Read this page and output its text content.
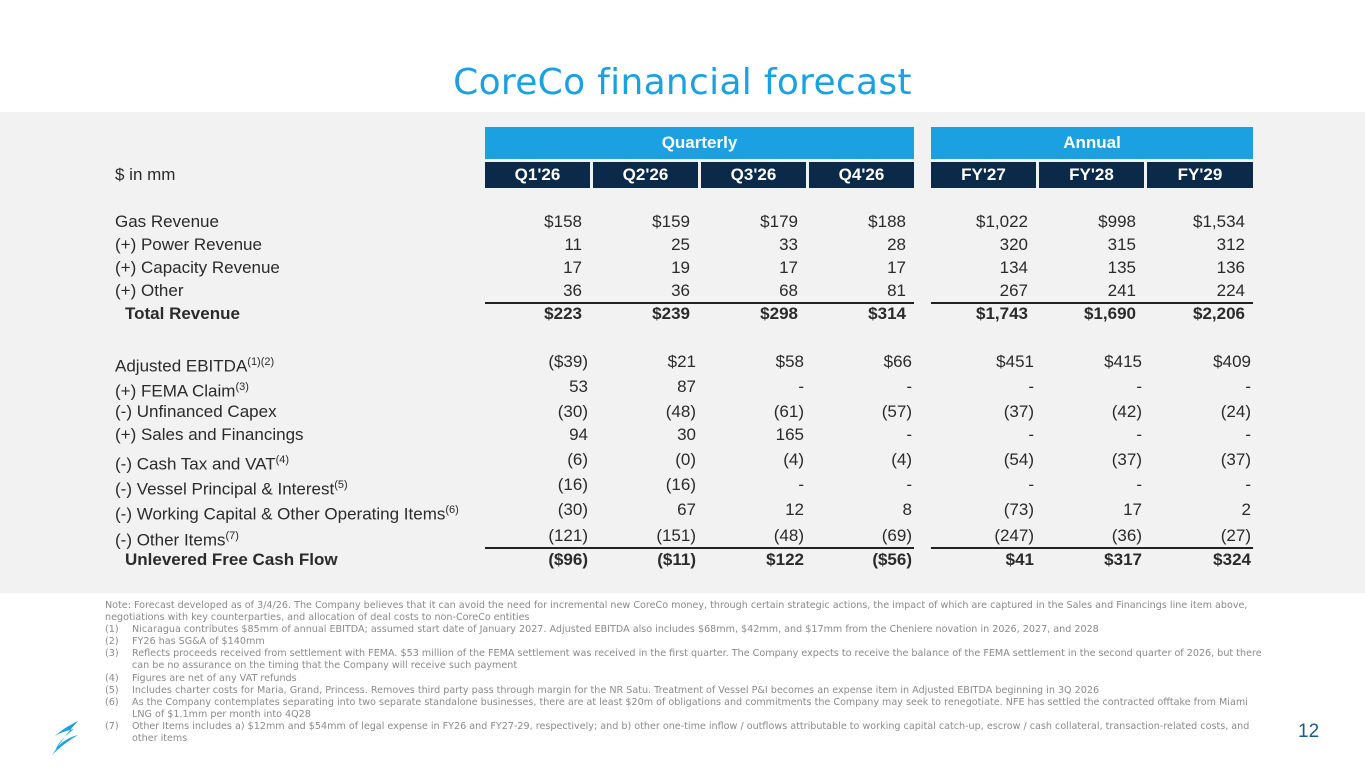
CoreCo financial forecast
Quarterly	Annual
$ in mm	Q1'26	Q2'26	Q3'26	Q4'26	FY'27	FY'28	FY'29
Gas Revenue	$158	$159	$179	$188	$1,022	$998	$1,534
(+) Power Revenue	11	25	33	28	320	315	312
(+) Capacity Revenue	17	19	17	17	134	135	136
(+) Other	36	36	68	81	267	241	224
Total Revenue	$223	$239	$298	$314	$1,743	$1,690	$2,206
Adjusted $EBITDA^{(1)(2)}$	($39)	$21	$58	$66	$451	$415	$409
(+) FEMA Claim$^{(3)}$	53	87	-	-	-	-	-
(-) Unfinanced Capex	(30)	(48)	(61)	(57)	(37)	(42)	(24)
(+) Sales and Financings	94	30	165	-	-	-	-
(-) Cash Tax and VAT$^{(4)}$	(6)	(0)	(4)	(4)	(54)	(37)	(37)
(-) Vessel Principal & Interest$^{(5)}$	(16)	(16)	-	-	-	-	-
(-) Working Capital & Other Operating Items$^{(6)}$	(30)	67	12	8	(73)	17	2
(-) Other Items$^{(7)}$	(121)	(151)	(48)	(69)	(247)	(36)	(27)
Unlevered Free Cash Flow	($96)	($11)	$122	($56)	$41	$317	$324
Note: Forecast developed as of 3/4/26. The Company believes that it can avoid the need for incremental new CoreCo money, through certain strategic actions, the impact of which are captured in the Sales and Financings line item above, negotiations with key counterparties, and allocation of deal costs to non-CoreCo entities
(1)	Nicaragua contributes $85mm of annual EBITDA; assumed start date of January 2027. Adjusted EBITDA also includes $68mm, $42mm, and $17mm from the Cheniere novation in 2026, 2027, and 2028
(2)	FY26 has SG&A of $140mm
(3)	Reflects proceeds received from settlement with FEMA. $53 million of the FEMA settlement was received in the first quarter. The Company expects to receive the balance of the FEMA settlement in the second quarter of 2026, but there can be no assurance on the timing that the Company will receive such payment
(4)	Figures are net of any VAT refunds
(5)	Includes charter costs for Maria, Grand, Princess. Removes third party pass through margin for the NR Satu. Treatment of Vessel P&I becomes an expense item in Adjusted EBITDA beginning in 3Q 2026
(6)	As the Company contemplates separating into two separate standalone businesses, there are at least $20m of obligations and commitments the Company may seek to renegotiate. NFE has settled the contracted offtake from Miami LNG of $1.1mm per month into 4Q28
(7)	Other Items includes a) $12mm and $54mm of legal expense in FY26 and FY27-29, respectively; and b) other one-time inflow / outflows attributable to working capital catch-up, escrow / cash collateral, transaction-related costs, and other items	12
